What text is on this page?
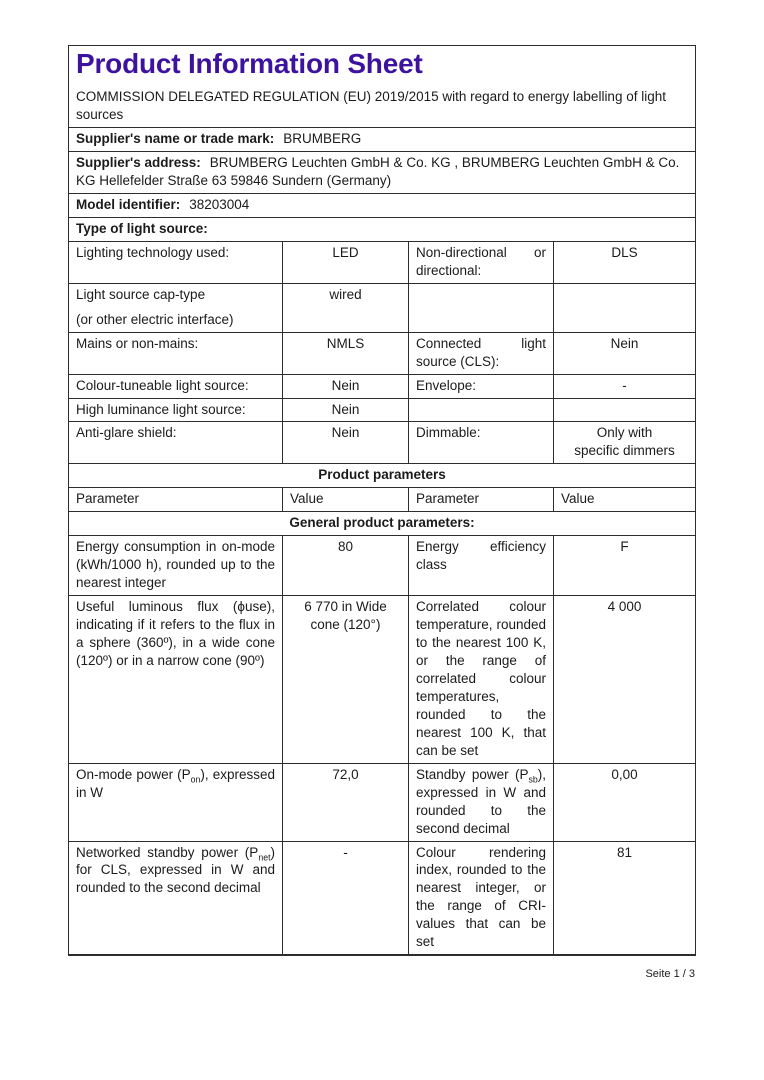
Product Information Sheet
COMMISSION DELEGATED REGULATION (EU) 2019/2015 with regard to energy labelling of light sources			

Supplier's name or trade mark: BRUMBERG			
Supplier's address: BRUMBERG Leuchten GmbH & Co. KG , BRUMBERG Leuchten GmbH & Co. KG Hellefelder Straße 63 59846 Sundern (Germany)			
Model identifier: 38203004			
Type of light source:			
Lighting technology used:	LED	Non-directional or directional:	DLS

Light source cap-type
(or other electric interface)	wired		
Mains or non-mains:	NMLS	Connected light source (CLS):	Nein
Colour-tuneable light source:	Nein	Envelope:	-
High luminance light source:	Nein		
Anti-glare shield:	Nein	Dimmable:	Only with
specific dimmers

Product parameters			
Parameter	Value	Parameter	Value
General product parameters:			
Energy consumption in on-mode (kWh/1000 h), rounded up to the nearest integer	80	Energy efficiency class	F
Useful luminous flux (ϕuse), indicating if it refers to the flux in a sphere (360º), in a wide cone (120º) or in a narrow cone (90º)	6 770 in Wide
cone (120°)	Correlated colour temperature, rounded to the nearest 100 K, or the range of correlated colour temperatures, rounded to the nearest 100 K, that can be set	4 000
On-mode power $(P_{on})$, expressed in W	72,0	Standby power $(P_{sb})$, expressed in W and rounded to the second decimal	0,00
Networked standby power $(P_{net})$ for CLS, expressed in W and rounded to the second decimal	-	Colour rendering index, rounded to the nearest integer, or the range of CRI-values that can be set	81
Seite 1 / 3
